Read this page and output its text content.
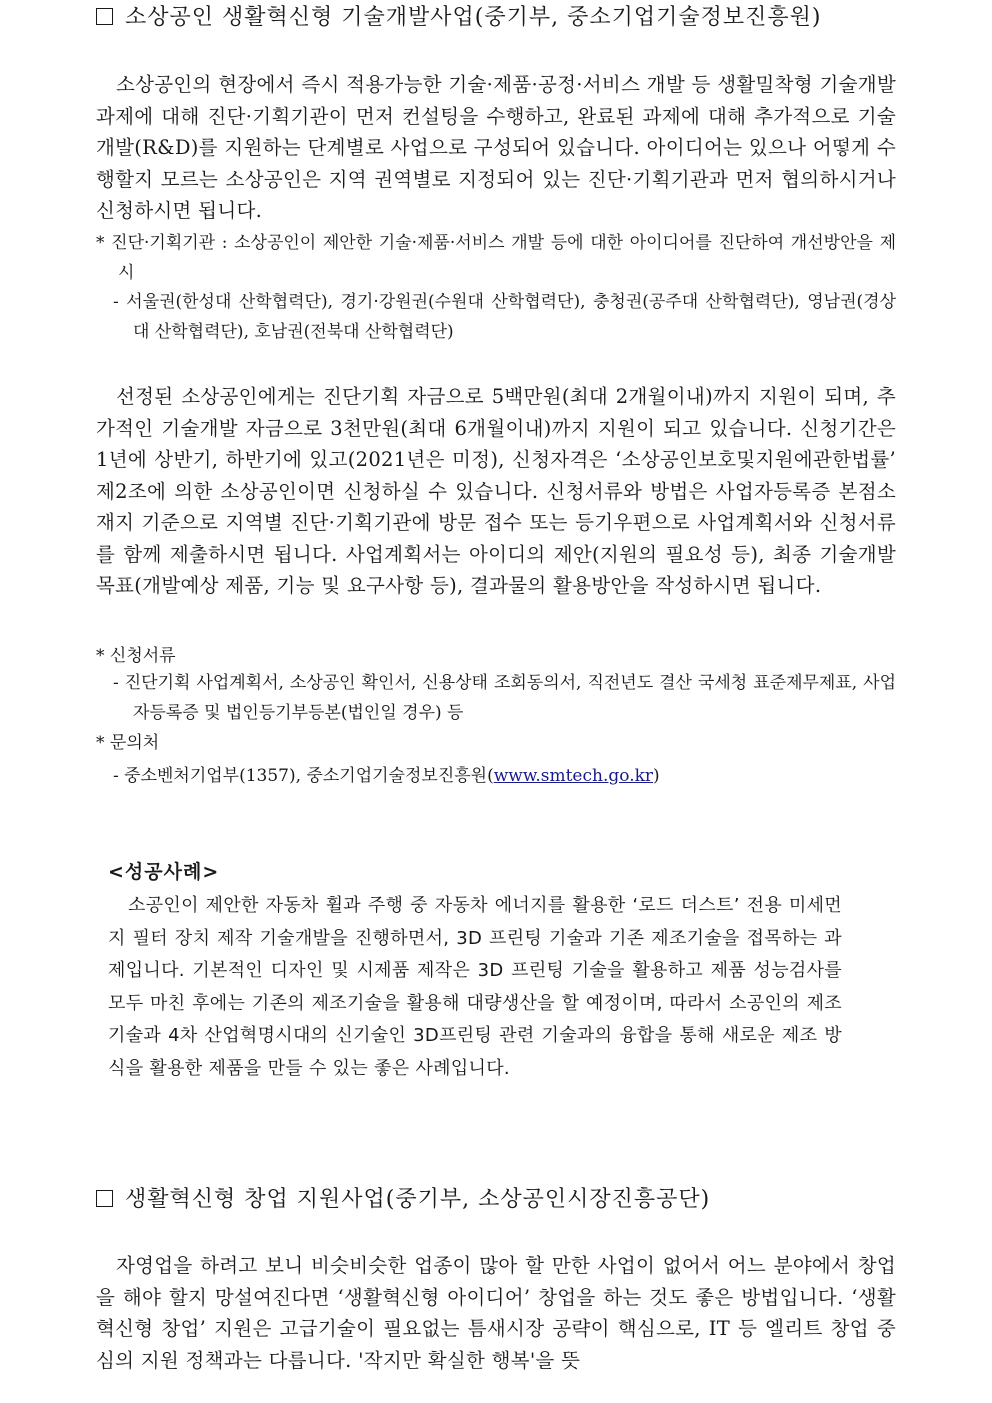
소상공인 생활혁신형 기술개발사업(중기부, 중소기업기술정보진흥원)

소상공인의 현장에서 즉시 적용가능한 기술·제품·공정·서비스 개발 등 생활밀착형 기술개발 과제에 대해 진단·기획기관이 먼저 컨설팅을 수행하고, 완료된 과제에 대해 추가적으로 기술개발(R&D)를 지원하는 단계별로 사업으로 구성되어 있습니다. 아이디어는 있으나 어떻게 수행할지 모르는 소상공인은 지역 권역별로 지정되어 있는 진단·기획기관과 먼저 협의하시거나 신청하시면 됩니다.

* 진단·기획기관 : 소상공인이 제안한 기술·제품·서비스 개발 등에 대한 아이디어를 진단하여 개선방안을 제시

- 서울권(한성대 산학협력단), 경기·강원권(수원대 산학협력단), 충청권(공주대 산학협력단), 영남권(경상대 산학협력단), 호남권(전북대 산학협력단)

선정된 소상공인에게는 진단기획 자금으로 5백만원(최대 2개월이내)까지 지원이 되며, 추가적인 기술개발 자금으로 3천만원(최대 6개월이내)까지 지원이 되고 있습니다. 신청기간은 1년에 상반기, 하반기에 있고(2021년은 미정), 신청자격은 ‘소상공인보호및지원에관한법률’ 제2조에 의한 소상공인이면 신청하실 수 있습니다. 신청서류와 방법은 사업자등록증 본점소재지 기준으로 지역별 진단·기획기관에 방문 접수 또는 등기우편으로 사업계획서와 신청서류를 함께 제출하시면 됩니다. 사업계획서는 아이디의 제안(지원의 필요성 등), 최종 기술개발 목표(개발예상 제품, 기능 및 요구사항 등), 결과물의 활용방안을 작성하시면 됩니다.

* 신청서류

- 진단기획 사업계획서, 소상공인 확인서, 신용상태 조회동의서, 직전년도 결산 국세청 표준제무제표, 사업자등록증 및 법인등기부등본(법인일 경우) 등

* 문의처

- 중소벤처기업부(1357), 중소기업기술정보진흥원(www.smtech.go.kr)

<성공사례>

소공인이 제안한 자동차 휠과 주행 중 자동차 에너지를 활용한 ‘로드 더스트’ 전용 미세먼지 필터 장치 제작 기술개발을 진행하면서, 3D 프린팅 기술과 기존 제조기술을 접목하는 과제입니다. 기본적인 디자인 및 시제품 제작은 3D 프린팅 기술을 활용하고 제품 성능검사를 모두 마친 후에는 기존의 제조기술을 활용해 대량생산을 할 예정이며, 따라서 소공인의 제조기술과 4차 산업혁명시대의 신기술인 3D프린팅 관련 기술과의 융합을 통해 새로운 제조 방식을 활용한 제품을 만들 수 있는 좋은 사례입니다.

생활혁신형 창업 지원사업(중기부, 소상공인시장진흥공단)

자영업을 하려고 보니 비슷비슷한 업종이 많아 할 만한 사업이 없어서 어느 분야에서 창업을 해야 할지 망설여진다면 ‘생활혁신형 아이디어’ 창업을 하는 것도 좋은 방법입니다. ‘생활혁신형 창업’ 지원은 고급기술이 필요없는 틈새시장 공략이 핵심으로, IT 등 엘리트 창업 중심의 지원 정책과는 다릅니다. '작지만 확실한 행복'을 뜻
